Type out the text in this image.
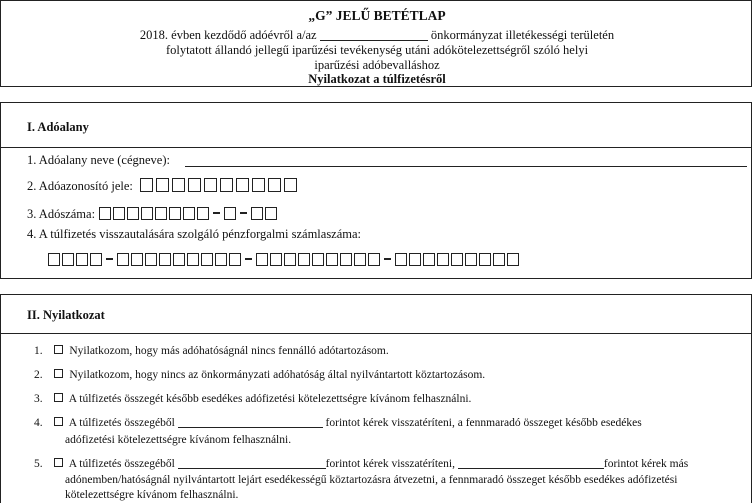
„G” JELŰ BETÉTLAP
2018. évben kezdődő adóévről a/az	önkormányzat illetékességi területén
folytatott állandó jellegű iparűzési tevékenység utáni adókötelezettségről szóló helyi
iparűzési adóbevalláshoz
Nyilatkozat a túlfizetésről
I. Adóalany
1. Adóalany neve (cégneve):
2. Adóazonosító jele:
3. Adószáma:
4. A túlfizetés visszautalására szolgáló pénzforgalmi számlaszáma:
II. Nyilatkozat
1. Nyilatkozom, hogy más adóhatóságnál nincs fennálló adótartozásom.
2. Nyilatkozom, hogy nincs az önkormányzati adóhatóság által nyilvántartott köztartozásom.
3. A túlfizetés összegét később esedékes adófizetési kötelezettségre kívánom felhasználni.
4. A túlfizetés összegéből	forintot kérek visszatéríteni, a fennmaradó összeget később esedékes
adófizetési kötelezettségre kívánom felhasználni.
5. A túlfizetés összegéből	forintot kérek visszatéríteni,	forintot kérek más
adónemben/hatóságnál nyilvántartott lejárt esedékességű köztartozásra átvezetni, a fennmaradó összeget később esedékes adófizetési
kötelezettségre kívánom felhasználni.
